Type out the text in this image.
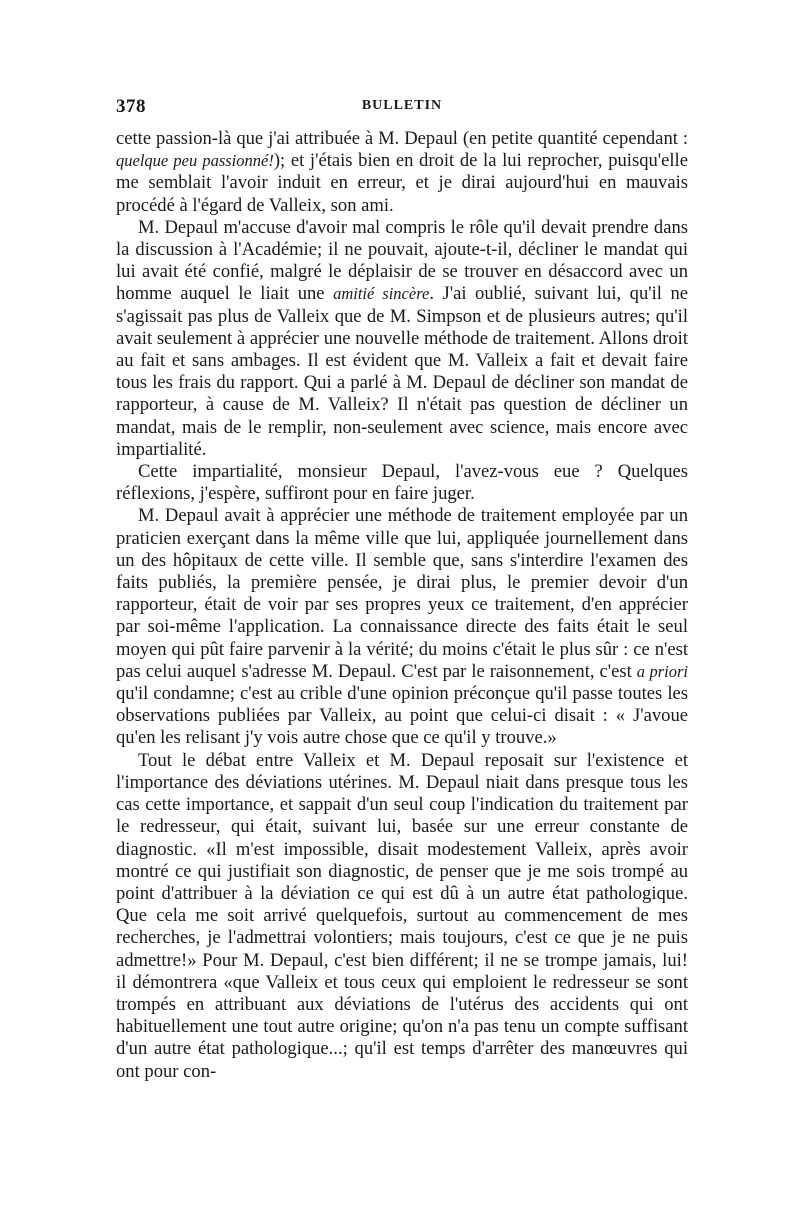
378	BULLETIN

cette passion-là que j'ai attribuée à M. Depaul (en petite quantité cependant : quelque peu passionné!); et j'étais bien en droit de la lui reprocher, puisqu'elle me semblait l'avoir induit en erreur, et je dirai aujourd'hui en mauvais procédé à l'égard de Valleix, son ami.

M. Depaul m'accuse d'avoir mal compris le rôle qu'il devait prendre dans la discussion à l'Académie; il ne pouvait, ajoute-t-il, décliner le mandat qui lui avait été confié, malgré le déplaisir de se trouver en désaccord avec un homme auquel le liait une amitié sincère. J'ai oublié, suivant lui, qu'il ne s'agissait pas plus de Valleix que de M. Simpson et de plusieurs autres; qu'il avait seulement à apprécier une nouvelle méthode de traitement. Allons droit au fait et sans ambages. Il est évident que M. Valleix a fait et devait faire tous les frais du rapport. Qui a parlé à M. Depaul de décliner son mandat de rapporteur, à cause de M. Valleix? Il n'était pas question de décliner un mandat, mais de le remplir, non-seulement avec science, mais encore avec impartialité.

Cette impartialité, monsieur Depaul, l'avez-vous eue ? Quelques réflexions, j'espère, suffiront pour en faire juger.

M. Depaul avait à apprécier une méthode de traitement employée par un praticien exerçant dans la même ville que lui, appliquée journellement dans un des hôpitaux de cette ville. Il semble que, sans s'interdire l'examen des faits publiés, la première pensée, je dirai plus, le premier devoir d'un rapporteur, était de voir par ses propres yeux ce traitement, d'en apprécier par soi-même l'application. La connaissance directe des faits était le seul moyen qui pût faire parvenir à la vérité; du moins c'était le plus sûr : ce n'est pas celui auquel s'adresse M. Depaul. C'est par le raisonnement, c'est a priori qu'il condamne; c'est au crible d'une opinion préconçue qu'il passe toutes les observations publiées par Valleix, au point que celui-ci disait : « J'avoue qu'en les relisant j'y vois autre chose que ce qu'il y trouve.»

Tout le débat entre Valleix et M. Depaul reposait sur l'existence et l'importance des déviations utérines. M. Depaul niait dans presque tous les cas cette importance, et sappait d'un seul coup l'indication du traitement par le redresseur, qui était, suivant lui, basée sur une erreur constante de diagnostic. «Il m'est impossible, disait modestement Valleix, après avoir montré ce qui justifiait son diagnostic, de penser que je me sois trompé au point d'attribuer à la déviation ce qui est dû à un autre état pathologique. Que cela me soit arrivé quelquefois, surtout au commencement de mes recherches, je l'admettrai volontiers; mais toujours, c'est ce que je ne puis admettre!» Pour M. Depaul, c'est bien différent; il ne se trompe jamais, lui! il démontrera «que Valleix et tous ceux qui emploient le redresseur se sont trompés en attribuant aux déviations de l'utérus des accidents qui ont habituellement une tout autre origine; qu'on n'a pas tenu un compte suffisant d'un autre état pathologique...; qu'il est temps d'arrêter des manœuvres qui ont pour con-
